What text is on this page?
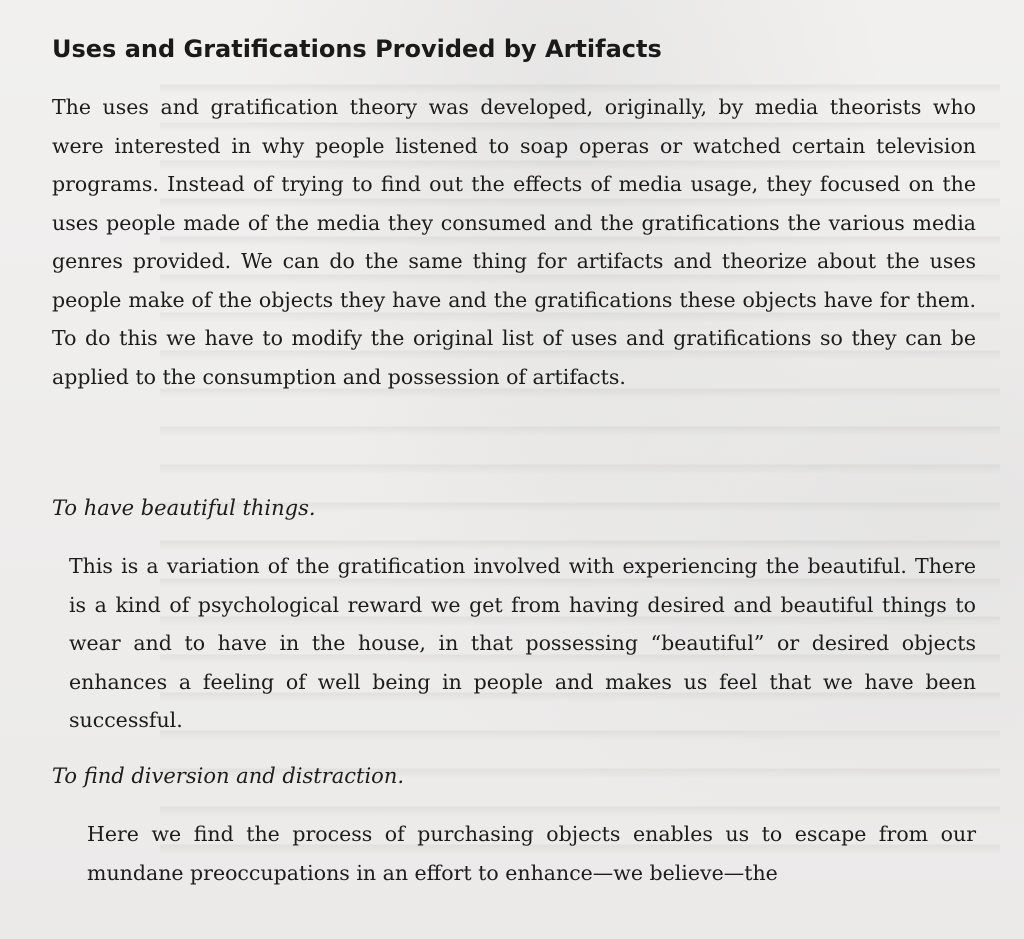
Uses and Gratifications Provided by Artifacts

The uses and gratification theory was developed, originally, by media theorists who were interested in why people listened to soap operas or watched certain television programs. Instead of trying to find out the effects of media usage, they focused on the uses people made of the media they consumed and the gratifications the various media genres provided. We can do the same thing for artifacts and theorize about the uses people make of the objects they have and the gratifications these objects have for them. To do this we have to modify the original list of uses and gratifications so they can be applied to the consumption and possession of artifacts.

To have beautiful things.

This is a variation of the gratification involved with experiencing the beautiful. There is a kind of psychological reward we get from having desired and beautiful things to wear and to have in the house, in that possessing “beautiful” or desired objects enhances a feeling of well being in people and makes us feel that we have been successful.

To find diversion and distraction.

Here we find the process of purchasing objects enables us to escape from our mundane preoccupations in an effort to enhance—we believe—the
